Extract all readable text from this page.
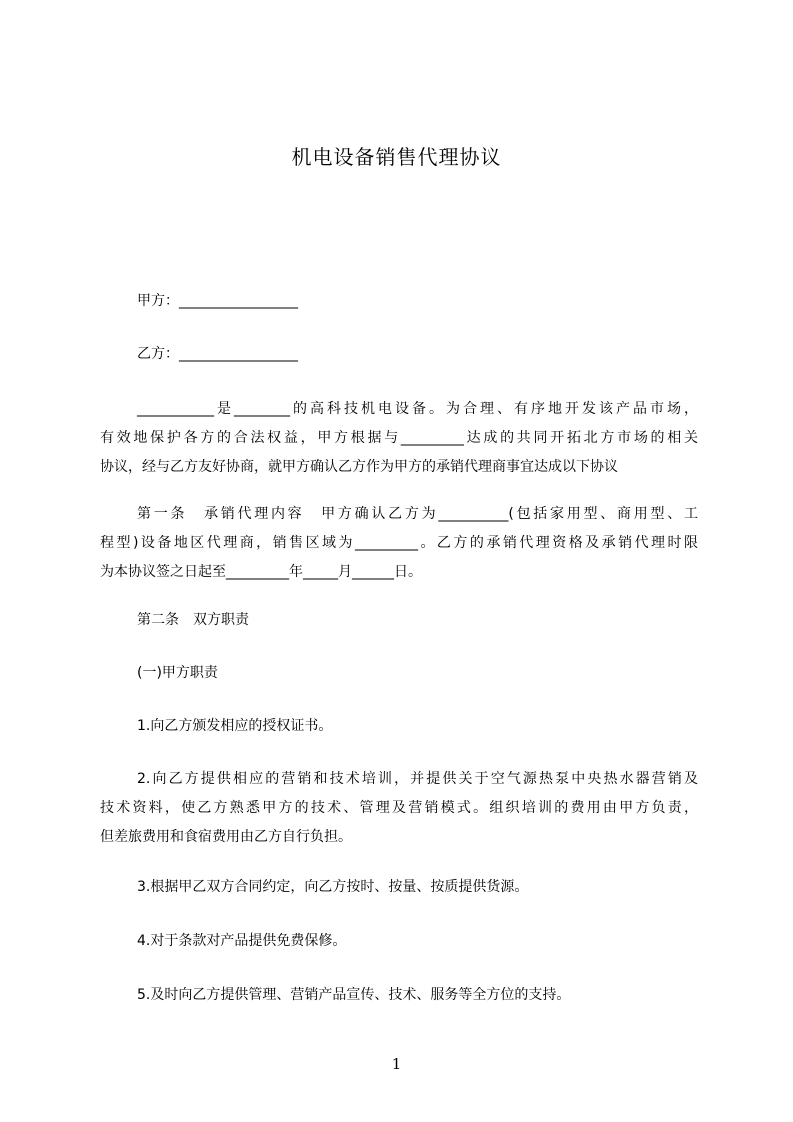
机电设备销售代理协议

甲方：_________________

乙方：_________________

___________是________的高科技机电设备。为合理、有序地开发该产品市场，
有效地保护各方的合法权益，甲方根据与_________达成的共同开拓北方市场的相关
协议，经与乙方友好协商，就甲方确认乙方作为甲方的承销代理商事宜达成以下协议
第一条　承销代理内容　甲方确认乙方为__________(包括家用型、商用型、工
程型)设备地区代理商，销售区域为_________。乙方的承销代理资格及承销代理时限
为本协议签之日起至_________年_____月______日。

第二条　双方职责

(一)甲方职责

1.向乙方颁发相应的授权证书。

2.向乙方提供相应的营销和技术培训，并提供关于空气源热泵中央热水器营销及
技术资料，使乙方熟悉甲方的技术、管理及营销模式。组织培训的费用由甲方负责，
但差旅费用和食宿费用由乙方自行负担。

3.根据甲乙双方合同约定，向乙方按时、按量、按质提供货源。

4.对于条款对产品提供免费保修。

5.及时向乙方提供管理、营销产品宣传、技术、服务等全方位的支持。

1
